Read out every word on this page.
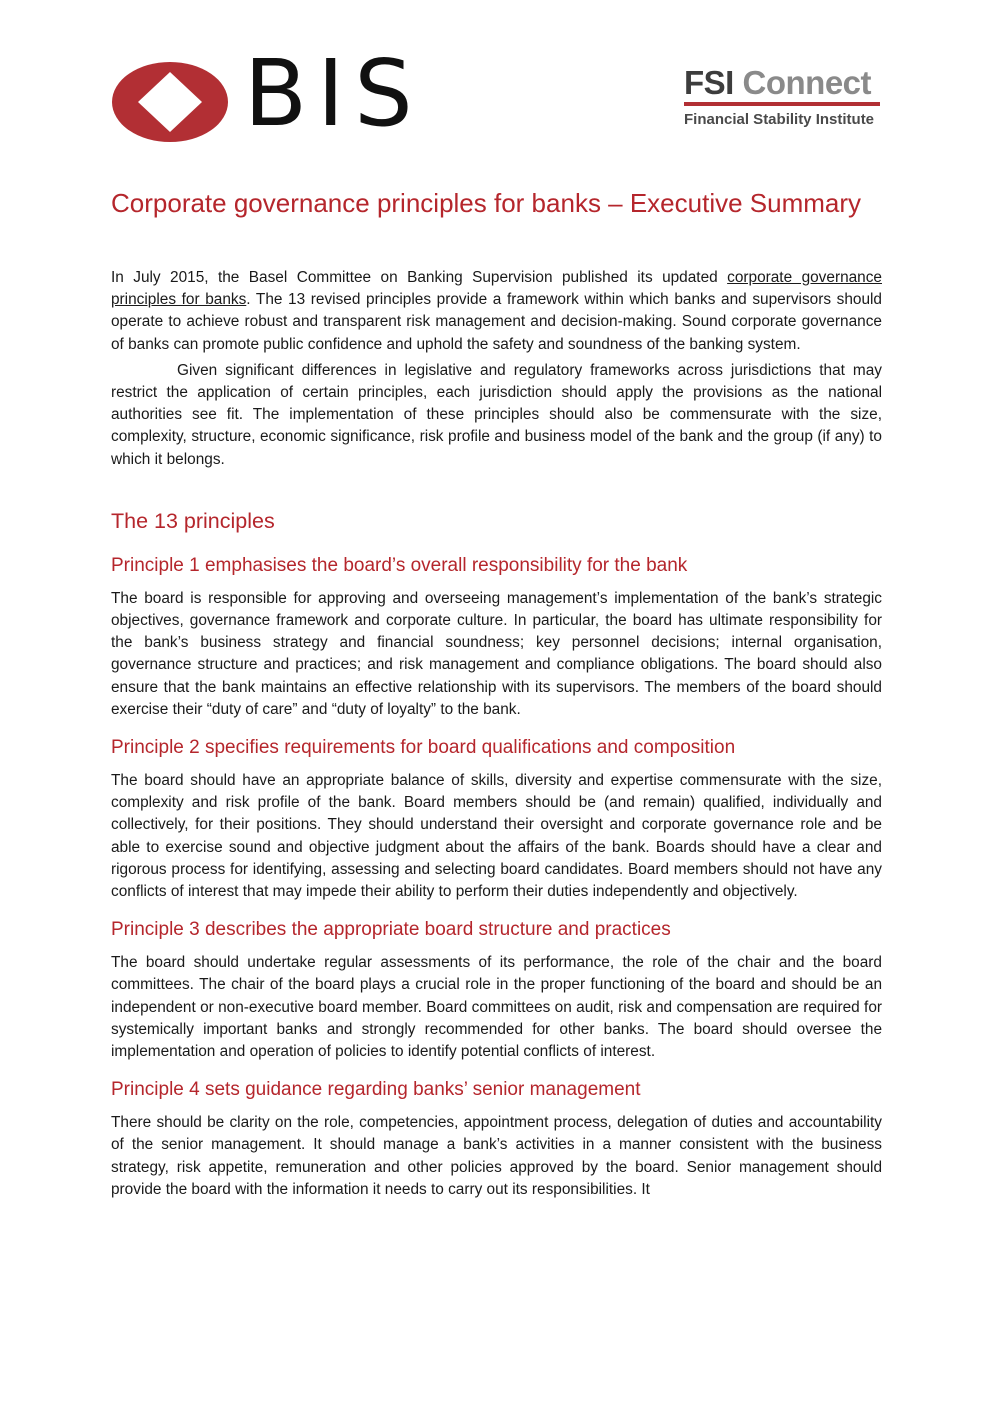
BIS	FSI Connect
Financial Stability Institute
Corporate governance principles for banks – Executive Summary

In July 2015, the Basel Committee on Banking Supervision published its updated corporate governance principles for banks. The 13 revised principles provide a framework within which banks and supervisors should operate to achieve robust and transparent risk management and decision-making. Sound corporate governance of banks can promote public confidence and uphold the safety and soundness of the banking system.

Given significant differences in legislative and regulatory frameworks across jurisdictions that may restrict the application of certain principles, each jurisdiction should apply the provisions as the national authorities see fit. The implementation of these principles should also be commensurate with the size, complexity, structure, economic significance, risk profile and business model of the bank and the group (if any) to which it belongs.

The 13 principles
Principle 1 emphasises the board’s overall responsibility for the bank

The board is responsible for approving and overseeing management’s implementation of the bank’s strategic objectives, governance framework and corporate culture. In particular, the board has ultimate responsibility for the bank’s business strategy and financial soundness; key personnel decisions; internal organisation, governance structure and practices; and risk management and compliance obligations. The board should also ensure that the bank maintains an effective relationship with its supervisors. The members of the board should exercise their “duty of care” and “duty of loyalty” to the bank.

Principle 2 specifies requirements for board qualifications and composition

The board should have an appropriate balance of skills, diversity and expertise commensurate with the size, complexity and risk profile of the bank. Board members should be (and remain) qualified, individually and collectively, for their positions. They should understand their oversight and corporate governance role and be able to exercise sound and objective judgment about the affairs of the bank. Boards should have a clear and rigorous process for identifying, assessing and selecting board candidates. Board members should not have any conflicts of interest that may impede their ability to perform their duties independently and objectively.

Principle 3 describes the appropriate board structure and practices

The board should undertake regular assessments of its performance, the role of the chair and the board committees. The chair of the board plays a crucial role in the proper functioning of the board and should be an independent or non-executive board member. Board committees on audit, risk and compensation are required for systemically important banks and strongly recommended for other banks. The board should oversee the implementation and operation of policies to identify potential conflicts of interest.

Principle 4 sets guidance regarding banks’ senior management

There should be clarity on the role, competencies, appointment process, delegation of duties and accountability of the senior management. It should manage a bank’s activities in a manner consistent with the business strategy, risk appetite, remuneration and other policies approved by the board. Senior management should provide the board with the information it needs to carry out its responsibilities. It
